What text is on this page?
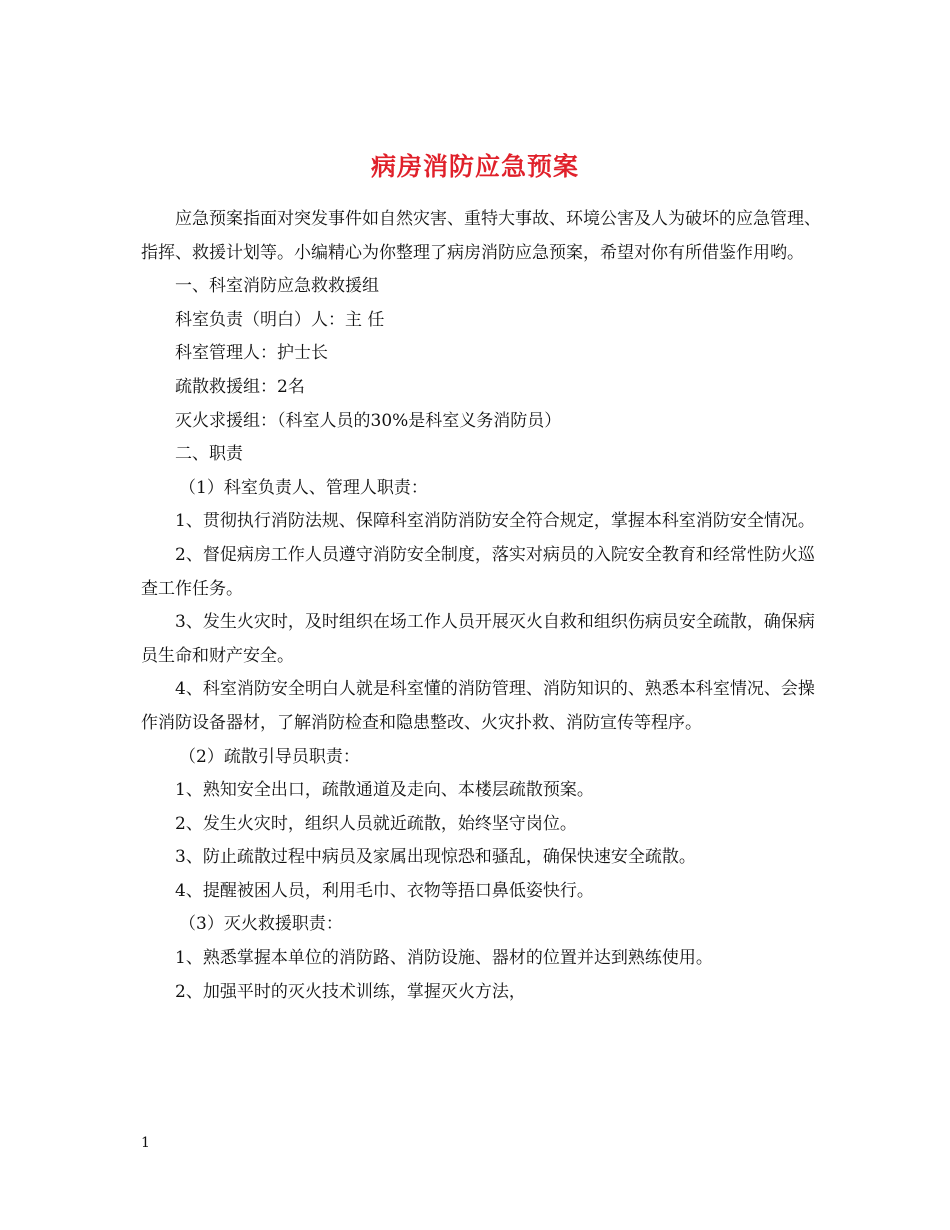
病房消防应急预案

应急预案指面对突发事件如自然灾害、重特大事故、环境公害及人为破坏的应急管理、指挥、救援计划等。小编精心为你整理了病房消防应急预案，希望对你有所借鉴作用哟。

一、科室消防应急救救援组

科室负责（明白）人：主 任

科室管理人：护士长

疏散救援组：2名

灭火求援组：（科室人员的30%是科室义务消防员）

二、职责

（1）科室负责人、管理人职责：

1、贯彻执行消防法规、保障科室消防消防安全符合规定，掌握本科室消防安全情况。

2、督促病房工作人员遵守消防安全制度，落实对病员的入院安全教育和经常性防火巡查工作任务。

3、发生火灾时，及时组织在场工作人员开展灭火自救和组织伤病员安全疏散，确保病员生命和财产安全。

4、科室消防安全明白人就是科室懂的消防管理、消防知识的、熟悉本科室情况、会操作消防设备器材，了解消防检查和隐患整改、火灾扑救、消防宣传等程序。

（2）疏散引导员职责：

1、熟知安全出口，疏散通道及走向、本楼层疏散预案。

2、发生火灾时，组织人员就近疏散，始终坚守岗位。

3、防止疏散过程中病员及家属出现惊恐和骚乱，确保快速安全疏散。

4、提醒被困人员，利用毛巾、衣物等捂口鼻低姿快行。

（3）灭火救援职责：

1、熟悉掌握本单位的消防路、消防设施、器材的位置并达到熟练使用。

2、加强平时的灭火技术训练，掌握灭火方法，

1
